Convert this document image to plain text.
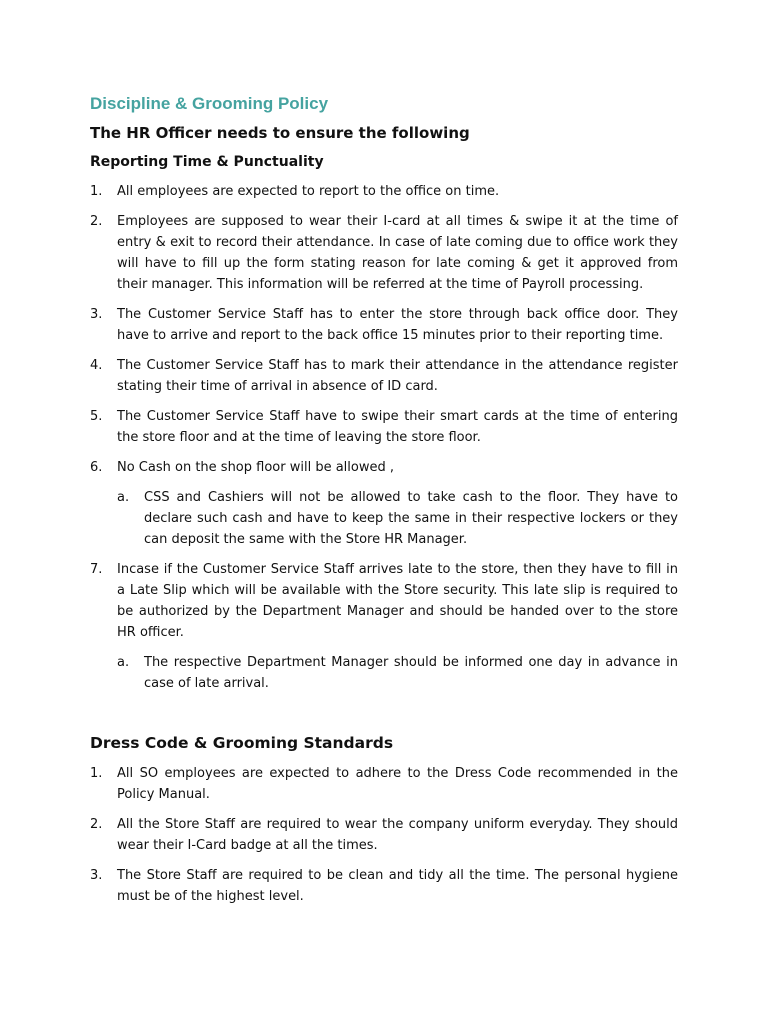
Discipline & Grooming Policy
The HR Officer needs to ensure the following
Reporting Time & Punctuality
1. All employees are expected to report to the office on time.

2. Employees are supposed to wear their I-card at all times & swipe it at the time of entry & exit to record their attendance. In case of late coming due to office work they will have to fill up the form stating reason for late coming & get it approved from their manager. This information will be referred at the time of Payroll processing.

3. The Customer Service Staff has to enter the store through back office door. They have to arrive and report to the back office 15 minutes prior to their reporting time.

4. The Customer Service Staff has to mark their attendance in the attendance register stating their time of arrival in absence of ID card.

5. The Customer Service Staff have to swipe their smart cards at the time of entering the store floor and at the time of leaving the store floor.

6. No Cash on the shop floor will be allowed ,

a. CSS and Cashiers will not be allowed to take cash to the floor. They have to declare such cash and have to keep the same in their respective lockers or they can deposit the same with the Store HR Manager.

7. Incase if the Customer Service Staff arrives late to the store, then they have to fill in a Late Slip which will be available with the Store security. This late slip is required to be authorized by the Department Manager and should be handed over to the store HR officer.

a. The respective Department Manager should be informed one day in advance in case of late arrival.

Dress Code & Grooming Standards
1. All SO employees are expected to adhere to the Dress Code recommended in the Policy Manual.

2. All the Store Staff are required to wear the company uniform everyday. They should wear their I-Card badge at all the times.

3. The Store Staff are required to be clean and tidy all the time. The personal hygiene must be of the highest level.
